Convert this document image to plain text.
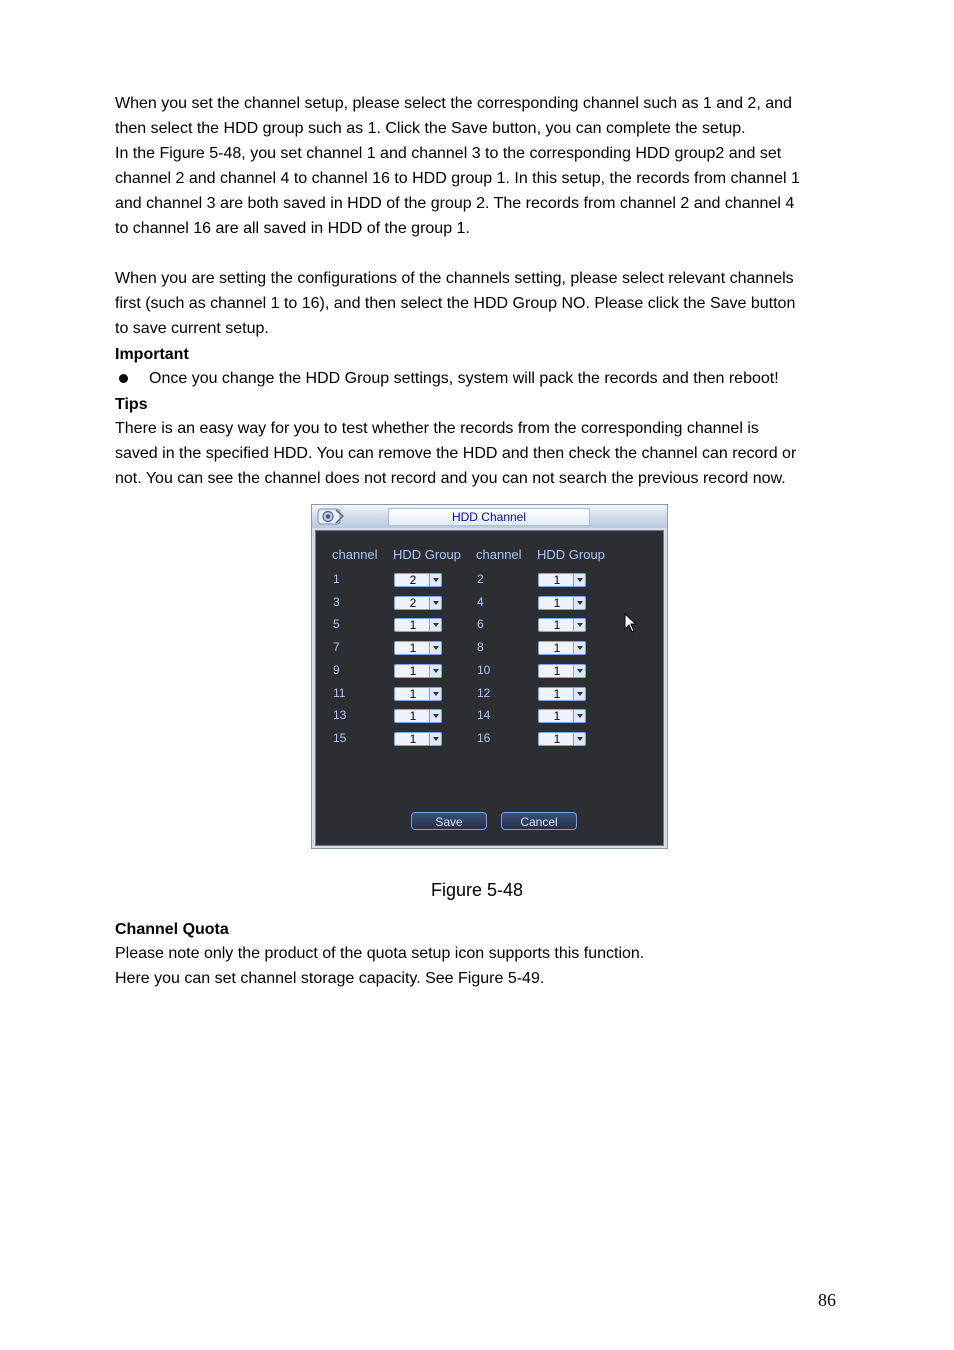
When you set the channel setup, please select the corresponding channel such as 1 and 2, and
then select the HDD group such as 1. Click the Save button, you can complete the setup.
In the Figure 5-48, you set channel 1 and channel 3 to the corresponding HDD group2 and set
channel 2 and channel 4 to channel 16 to HDD group 1. In this setup, the records from channel 1
and channel 3 are both saved in HDD of the group 2. The records from channel 2 and channel 4
to channel 16 are all saved in HDD of the group 1.
When you are setting the configurations of the channels setting, please select relevant channels
first (such as channel 1 to 16), and then select the HDD Group NO. Please click the Save button
to save current setup.
Important
Once you change the HDD Group settings, system will pack the records and then reboot!
Tips
There is an easy way for you to test whether the records from the corresponding channel is
saved in the specified HDD. You can remove the HDD and then check the channel can record or
not. You can see the channel does not record and you can not search the previous record now.
HDD Channel
channel HDD Group channel HDD Group
1	2	2	1
3	2	4	1
5	1	6	1
7	1	8	1
9	1	10	1
11	1	12	1
13	1	14	1
15	1	16	1
Save	Cancel
Figure 5-48
Channel Quota
Please note only the product of the quota setup icon supports this function.
Here you can set channel storage capacity. See Figure 5-49.
86
